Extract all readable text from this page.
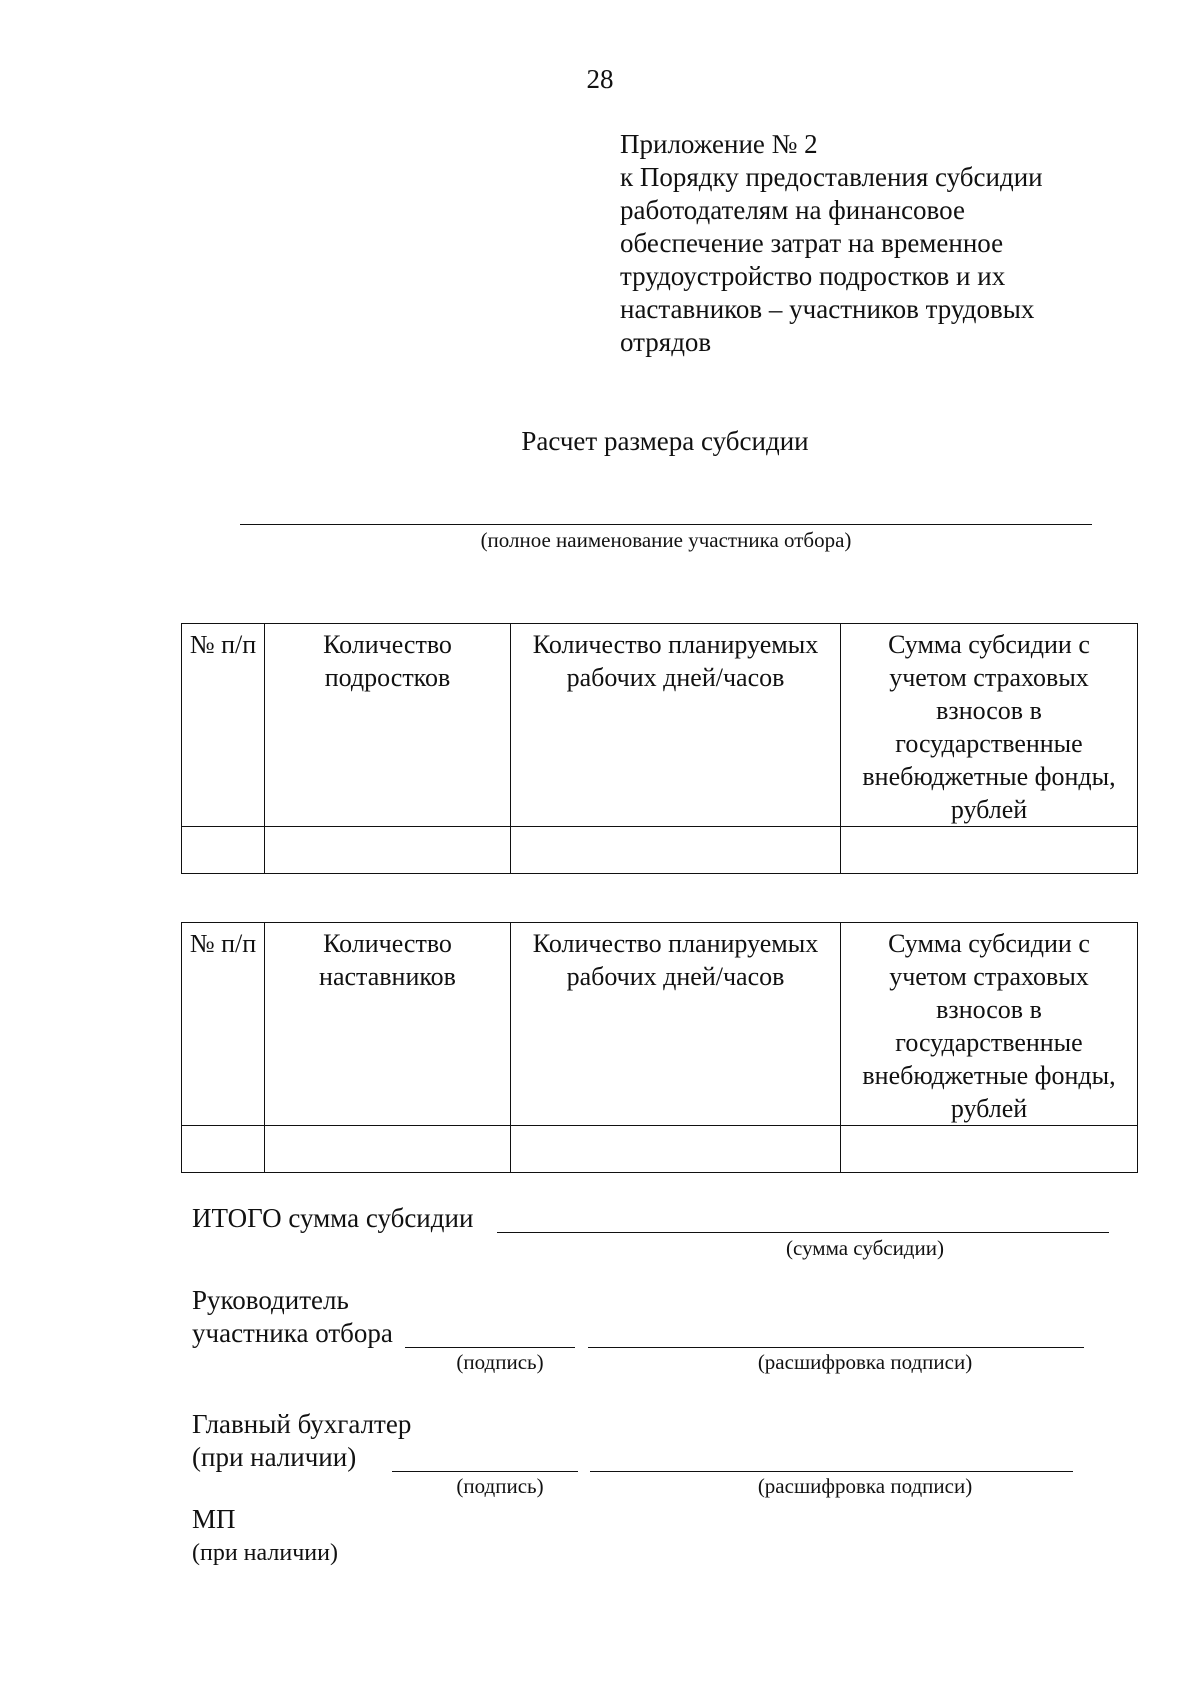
28
Приложение № 2
к Порядку предоставления субсидии
работодателям на финансовое
обеспечение затрат на временное
трудоустройство подростков и их
наставников – участников трудовых
отрядов
Расчет размера субсидии
(полное наименование участника отбора)
№ п/п	Количество подростков	Количество планируемых рабочих дней/часов	Сумма субсидии с учетом страховых взносов в государственные внебюджетные фонды, рублей

№ п/п	Количество наставников	Количество планируемых рабочих дней/часов	Сумма субсидии с учетом страховых взносов в государственные внебюджетные фонды, рублей

ИТОГО сумма субсидии
(сумма субсидии)
Руководитель
участника отбора
(подпись)	(расшифровка подписи)
Главный бухгалтер
(при наличии)
(подпись)	(расшифровка подписи)
МП
(при наличии)
